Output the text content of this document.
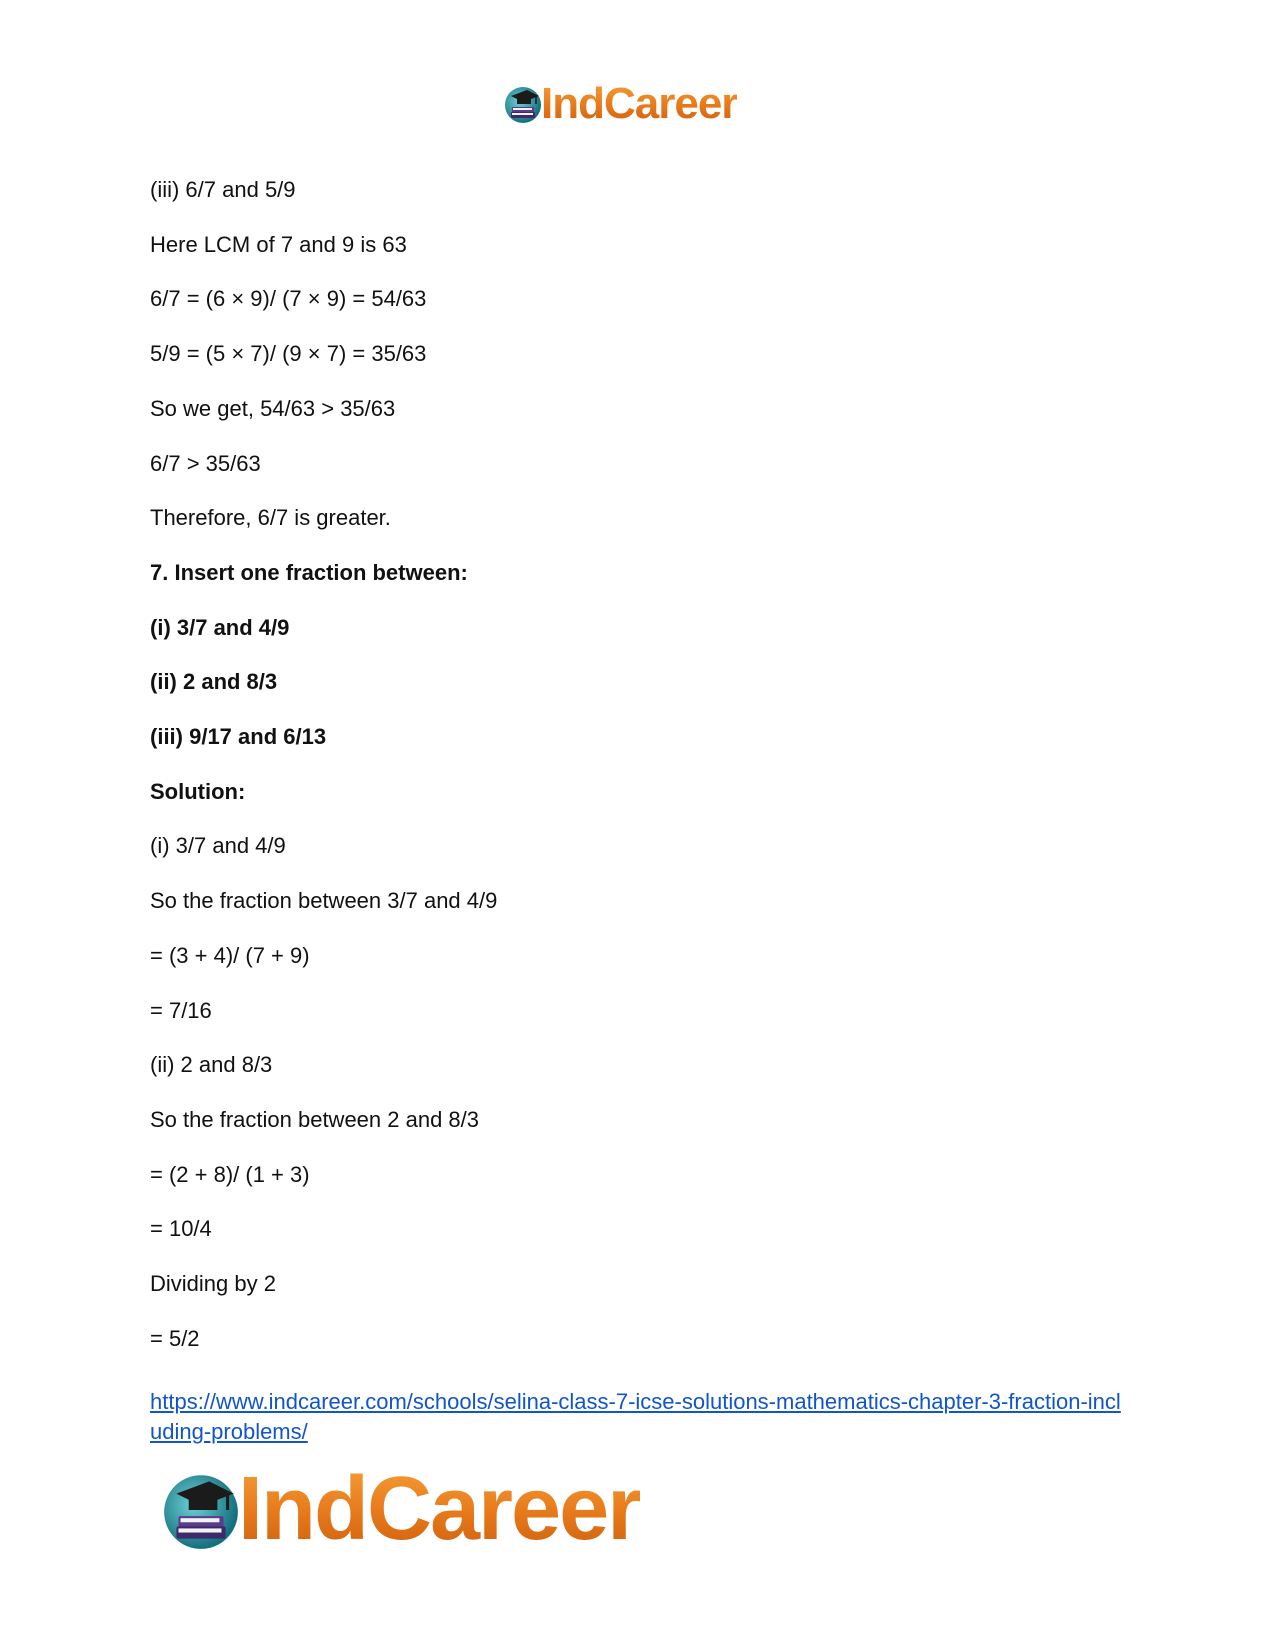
IndCareer
(iii) 6/7 and 5/9
Here LCM of 7 and 9 is 63
6/7 = (6 × 9)/ (7 × 9) = 54/63
5/9 = (5 × 7)/ (9 × 7) = 35/63
So we get, 54/63 > 35/63
6/7 > 35/63
Therefore, 6/7 is greater.
7. Insert one fraction between:
(i) 3/7 and 4/9
(ii) 2 and 8/3
(iii) 9/17 and 6/13
Solution:
(i) 3/7 and 4/9
So the fraction between 3/7 and 4/9
= (3 + 4)/ (7 + 9)
= 7/16
(ii) 2 and 8/3
So the fraction between 2 and 8/3
= (2 + 8)/ (1 + 3)
= 10/4
Dividing by 2
= 5/2
https://www.indcareer.com/schools/selina-class-7-icse-solutions-mathematics-chapter-3-fraction-including-problems/
IndCareer
